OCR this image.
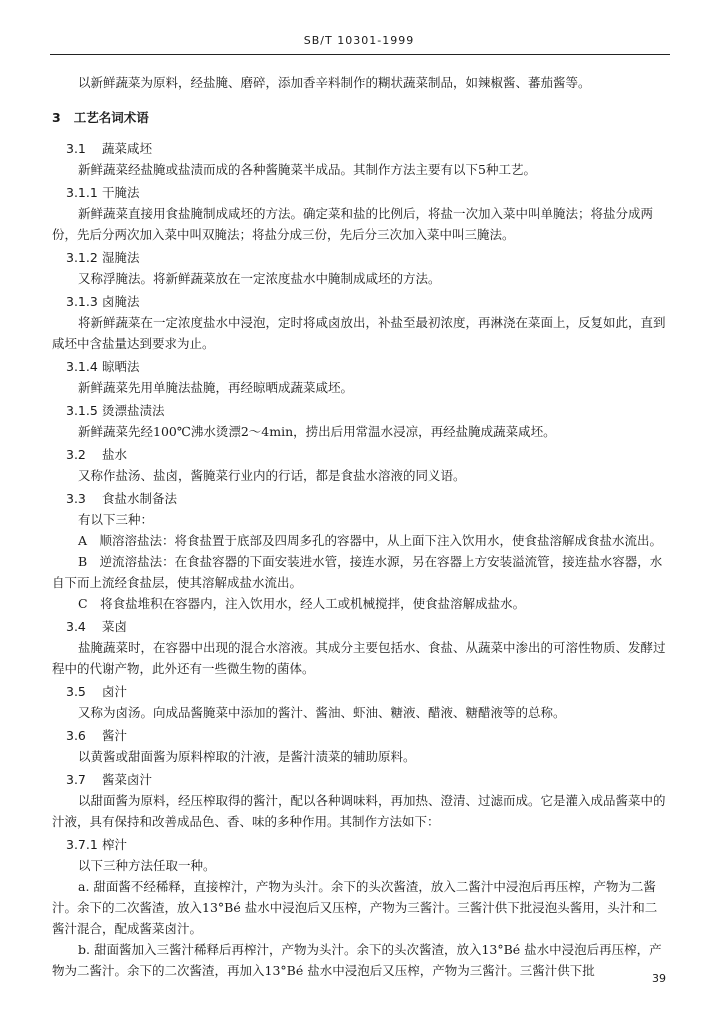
SB/T 10301-1999

以新鲜蔬菜为原料，经盐腌、磨碎，添加香辛料制作的糊状蔬菜制品，如辣椒酱、蕃茄酱等。

3 工艺名词术语
3.1 蔬菜咸坯

新鲜蔬菜经盐腌或盐渍而成的各种酱腌菜半成品。其制作方法主要有以下5种工艺。

3.1.1 干腌法

新鲜蔬菜直接用食盐腌制成咸坯的方法。确定菜和盐的比例后，将盐一次加入菜中叫单腌法；将盐分成两份，先后分两次加入菜中叫双腌法；将盐分成三份，先后分三次加入菜中叫三腌法。

3.1.2 湿腌法

又称浮腌法。将新鲜蔬菜放在一定浓度盐水中腌制成咸坯的方法。

3.1.3 卤腌法

将新鲜蔬菜在一定浓度盐水中浸泡，定时将咸卤放出，补盐至最初浓度，再淋浇在菜面上，反复如此，直到咸坯中含盐量达到要求为止。

3.1.4 晾晒法

新鲜蔬菜先用单腌法盐腌，再经晾晒成蔬菜咸坯。

3.1.5 烫漂盐渍法

新鲜蔬菜先经100℃沸水烫漂2～4min，捞出后用常温水浸凉，再经盐腌成蔬菜咸坯。

3.2 盐水

又称作盐汤、盐卤，酱腌菜行业内的行话，都是食盐水溶液的同义语。

3.3 食盐水制备法

有以下三种：

A　顺溶溶盐法：将食盐置于底部及四周多孔的容器中，从上面下注入饮用水，使食盐溶解成食盐水流出。

B　逆流溶盐法：在食盐容器的下面安装进水管，接连水源，另在容器上方安装溢流管，接连盐水容器，水自下而上流经食盐层，使其溶解成盐水流出。

C　将食盐堆积在容器内，注入饮用水，经人工或机械搅拌，使食盐溶解成盐水。

3.4 菜卤

盐腌蔬菜时，在容器中出现的混合水溶液。其成分主要包括水、食盐、从蔬菜中渗出的可溶性物质、发酵过程中的代谢产物，此外还有一些微生物的菌体。

3.5 卤汁

又称为卤汤。向成品酱腌菜中添加的酱汁、酱油、虾油、糖液、醋液、糖醋液等的总称。

3.6 酱汁

以黄酱或甜面酱为原料榨取的汁液，是酱汁渍菜的辅助原料。

3.7 酱菜卤汁

以甜面酱为原料，经压榨取得的酱汁，配以各种调味料，再加热、澄清、过滤而成。它是灌入成品酱菜中的汁液，具有保持和改善成品色、香、味的多种作用。其制作方法如下：

3.7.1 榨汁

以下三种方法任取一种。

a. 甜面酱不经稀释，直接榨汁，产物为头汁。余下的头次酱渣，放入二酱汁中浸泡后再压榨，产物为二酱汁。余下的二次酱渣，放入13°Bé 盐水中浸泡后又压榨，产物为三酱汁。三酱汁供下批浸泡头酱用，头汁和二酱汁混合，配成酱菜卤汁。

b. 甜面酱加入三酱汁稀释后再榨汁，产物为头汁。余下的头次酱渣，放入13°Bé 盐水中浸泡后再压榨，产物为二酱汁。余下的二次酱渣，再加入13°Bé 盐水中浸泡后又压榨，产物为三酱汁。三酱汁供下批

39
